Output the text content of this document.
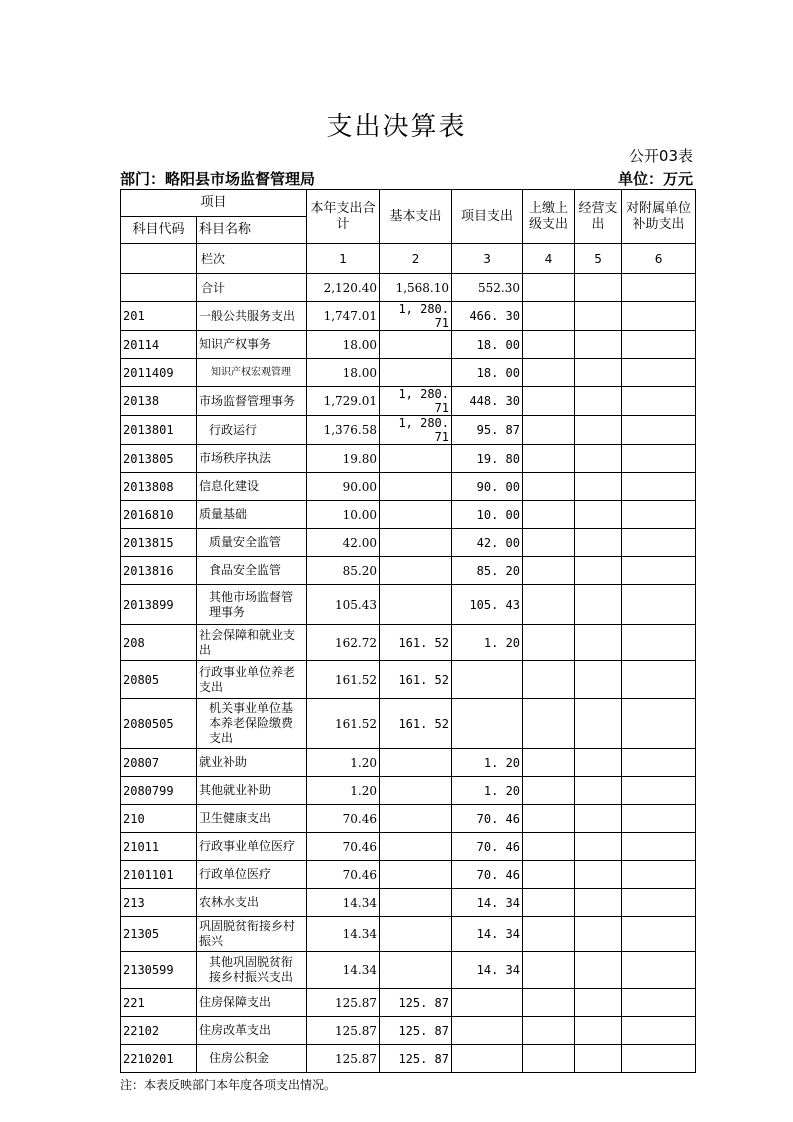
支出决算表
公开03表
部门：略阳县市场监督管理局	单位：万元
项目		本年支出合计	基本支出	项目支出	上缴上级支出	经营支出	对附属单位补助支出
科目代码	科目名称						
	栏次	1	2	3	4	5	6
	合计	2,120.40	1,568.10	552.30			
201	一般公共服务支出	1,747.01	1, 280. 71	466. 30			
20114	知识产权事务	18.00		18. 00			
2011409	知识产权宏观管理	18.00		18. 00			
20138	市场监督管理事务	1,729.01	1, 280. 71	448. 30			
2013801	行政运行	1,376.58	1, 280. 71	95. 87			
2013805	市场秩序执法	19.80		19. 80			
2013808	信息化建设	90.00		90. 00			
2016810	质量基础	10.00		10. 00			
2013815	质量安全监管	42.00		42. 00			
2013816	食品安全监管	85.20		85. 20			
2013899	其他市场监督管理事务	105.43		105. 43			
208	社会保障和就业支出	162.72	161. 52	1. 20			
20805	行政事业单位养老支出	161.52	161. 52				
2080505	机关事业单位基本养老保险缴费支出	161.52	161. 52				
20807	就业补助	1.20		1. 20			
2080799	其他就业补助	1.20		1. 20			
210	卫生健康支出	70.46		70. 46			
21011	行政事业单位医疗	70.46		70. 46			
2101101	行政单位医疗	70.46		70. 46			
213	农林水支出	14.34		14. 34			
21305	巩固脱贫衔接乡村振兴	14.34		14. 34			
2130599	其他巩固脱贫衔接乡村振兴支出	14.34		14. 34			
221	住房保障支出	125.87	125. 87				
22102	住房改革支出	125.87	125. 87				
2210201	住房公积金	125.87	125. 87				
注：本表反映部门本年度各项支出情况。
